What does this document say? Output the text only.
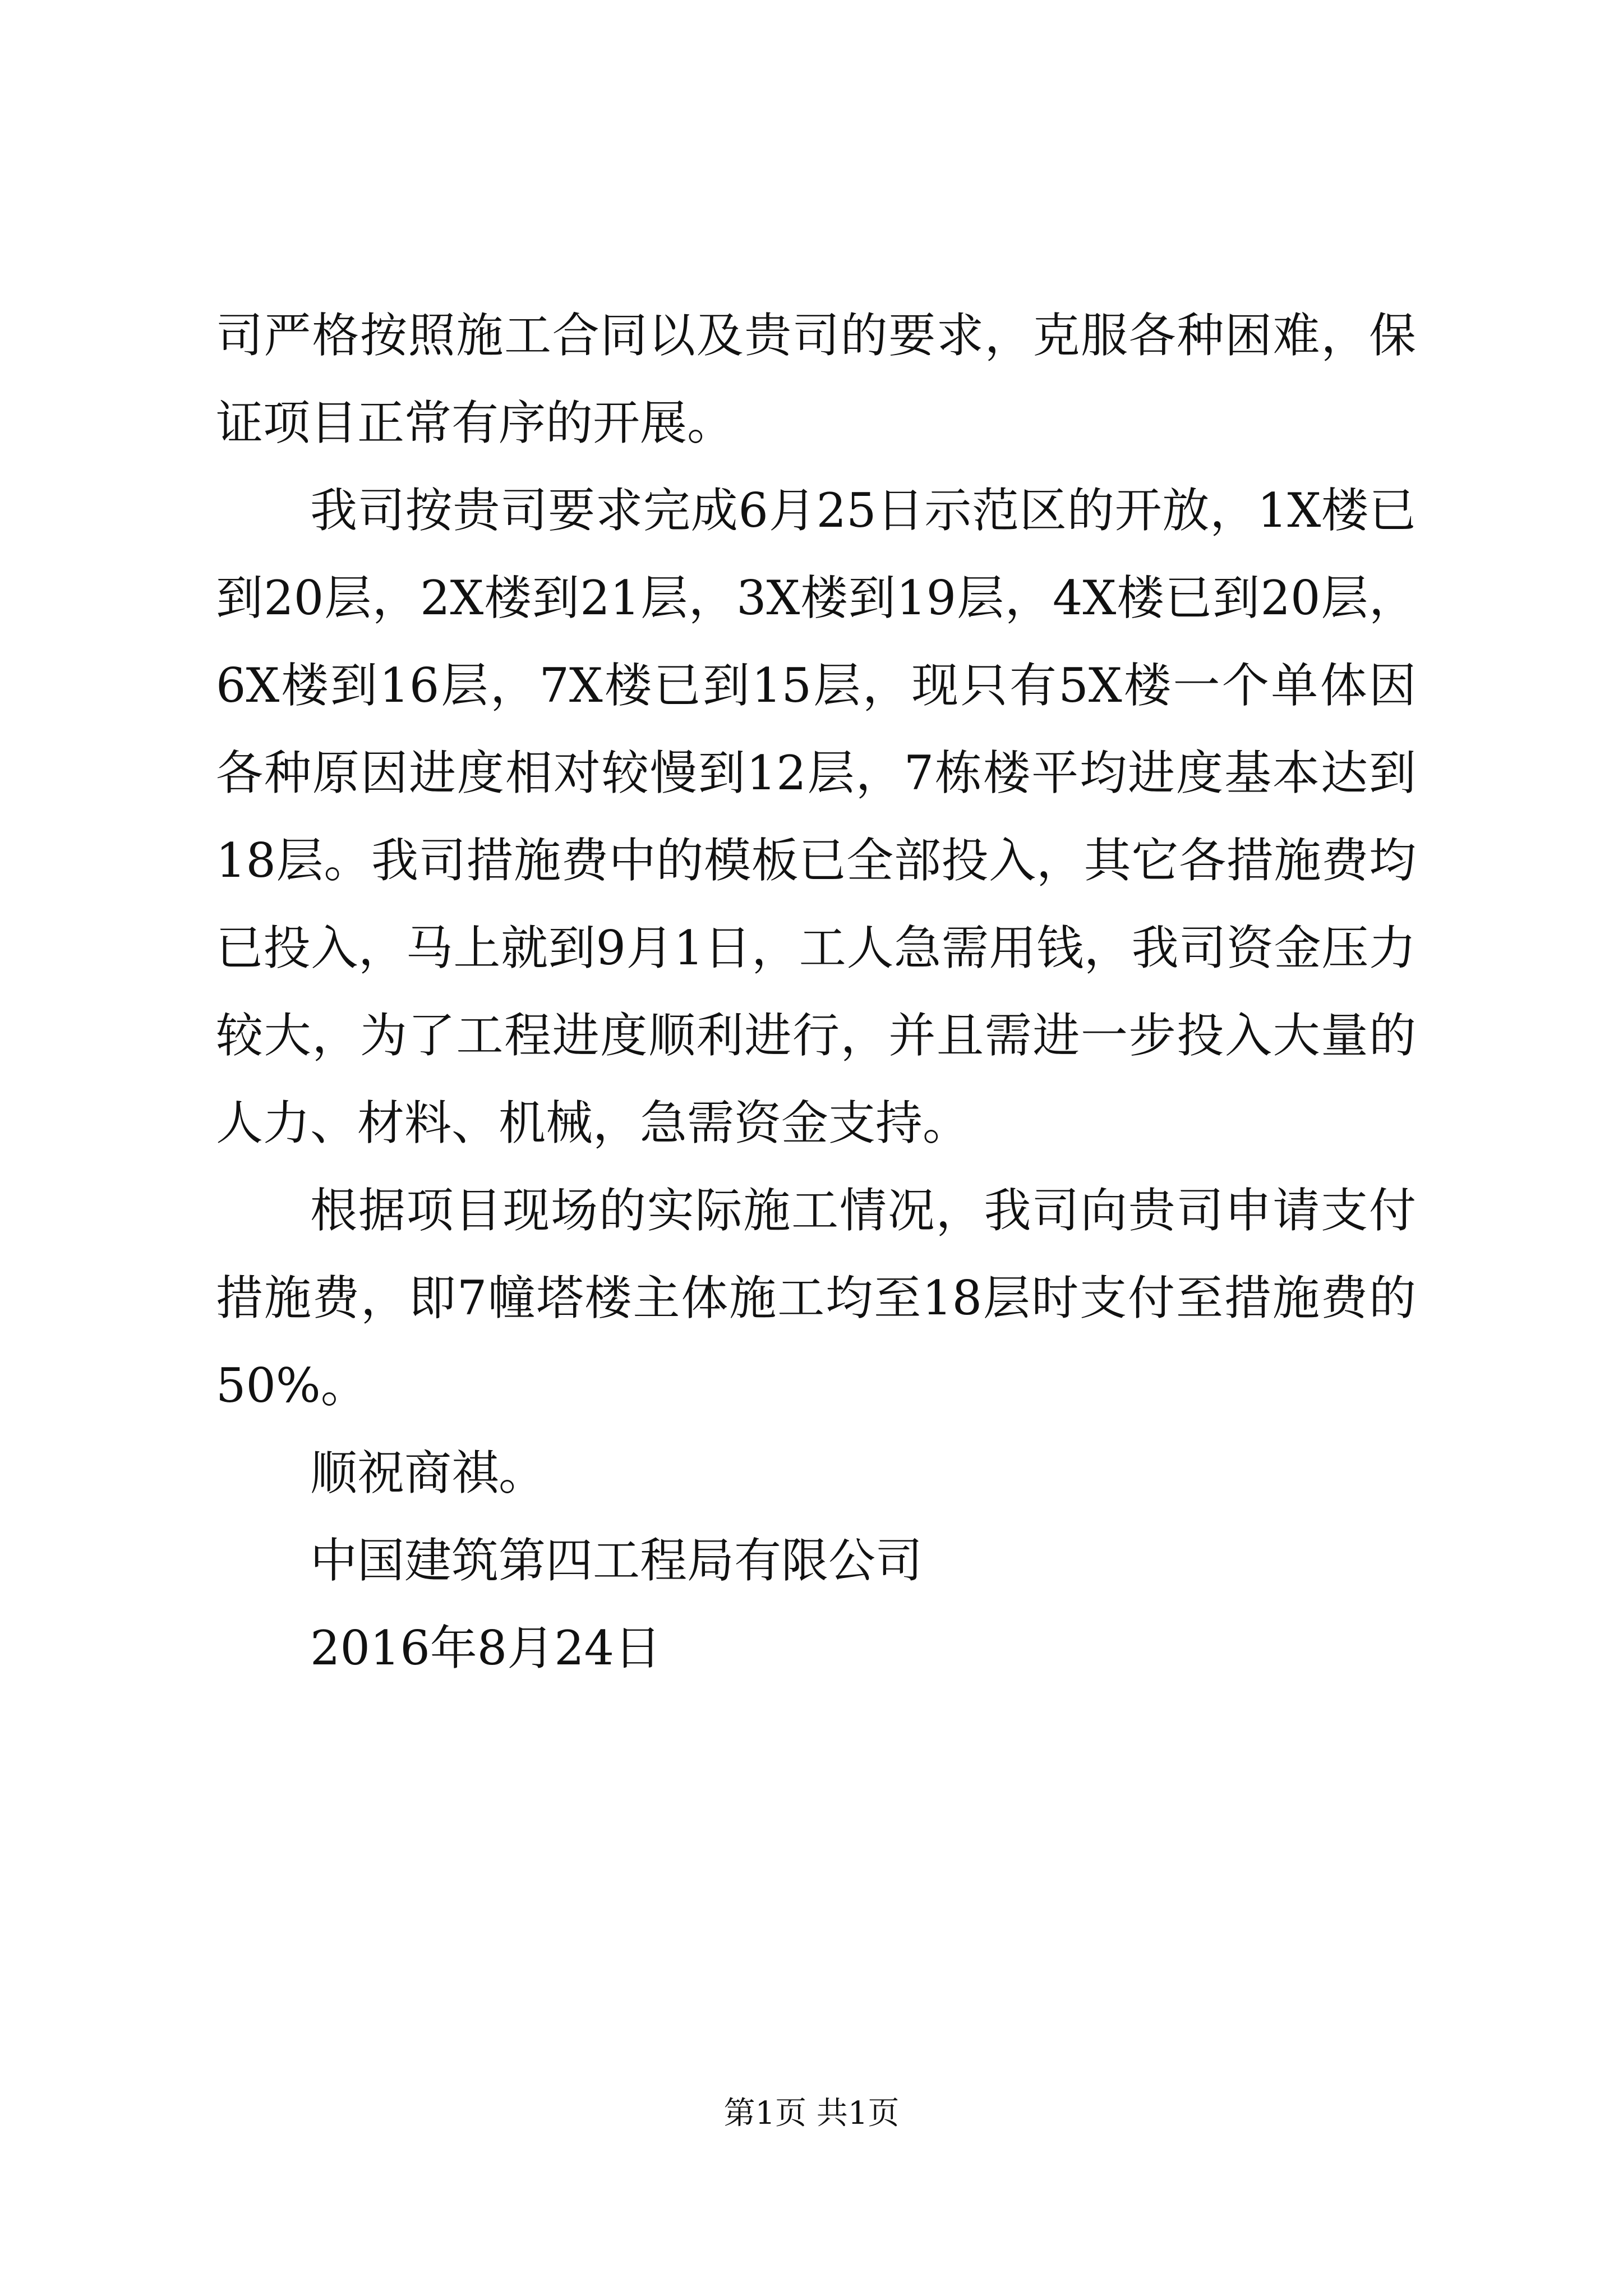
司严格按照施工合同以及贵司的要求，克服各种困难，保证项目正常有序的开展。

我司按贵司要求完成6月25日示范区的开放，1X楼已到20层，2X楼到21层，3X楼到19层，4X楼已到20层，6X楼到16层，7X楼已到15层，现只有5X楼一个单体因各种原因进度相对较慢到12层，7栋楼平均进度基本达到18层。我司措施费中的模板已全部投入，其它各措施费均已投入，马上就到9月1日，工人急需用钱，我司资金压力较大，为了工程进度顺利进行，并且需进一步投入大量的人力、材料、机械，急需资金支持。

根据项目现场的实际施工情况，我司向贵司申请支付措施费，即7幢塔楼主体施工均至18层时支付至措施费的50%。

顺祝商祺。

中国建筑第四工程局有限公司

2016年8月24日

第1页 共1页
